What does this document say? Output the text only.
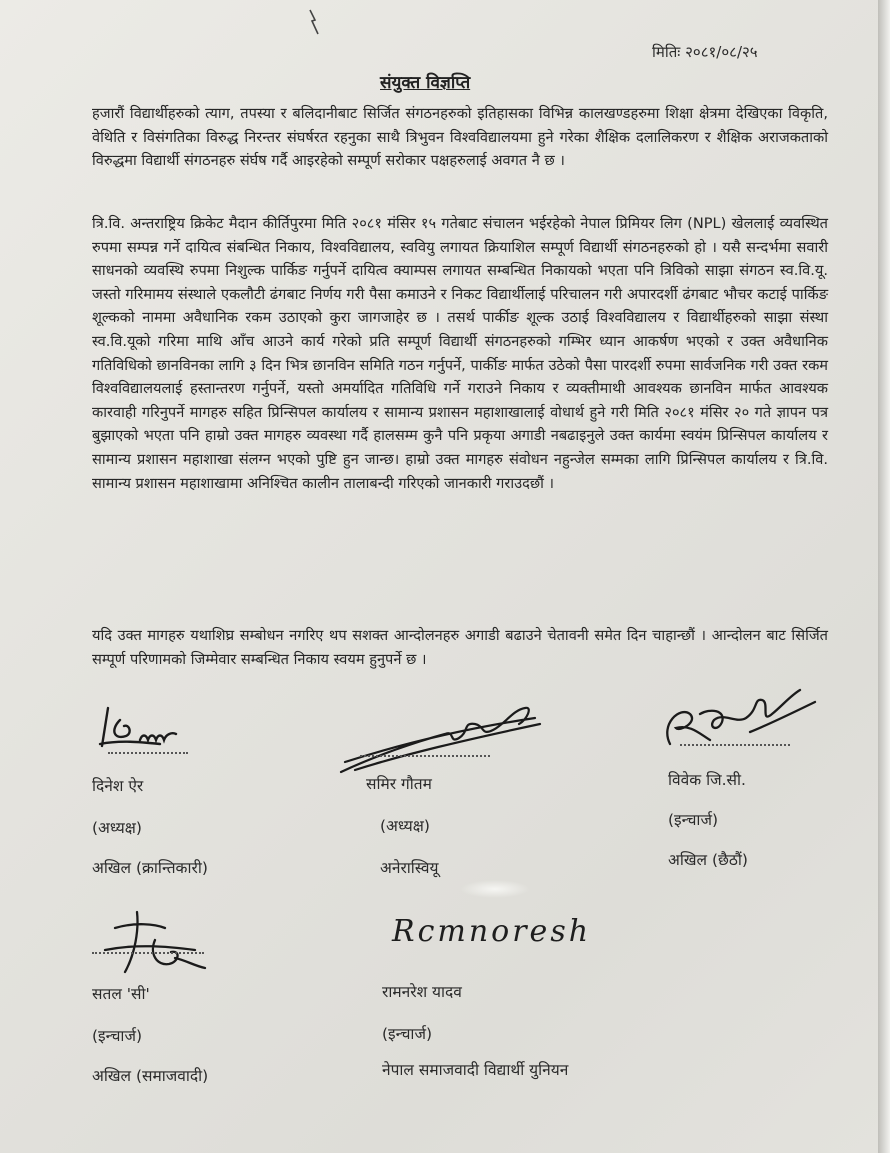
मितिः २०८१/०८/२५
संयुक्त विज्ञप्ति
हजारौं विद्यार्थीहरुको त्याग, तपस्या र बलिदानीबाट सिर्जित संगठनहरुको इतिहासका विभिन्न कालखण्डहरुमा शिक्षा क्षेत्रमा देखिएका विकृति, वेथिति र विसंगतिका विरुद्ध निरन्तर संघर्षरत रहनुका साथै त्रिभुवन विश्वविद्यालयमा हुने गरेका शैक्षिक दलालिकरण र शैक्षिक अराजकताको विरुद्धमा विद्यार्थी संगठनहरु संर्घष गर्दै आइरहेको सम्पूर्ण सरोकार पक्षहरुलाई अवगत नै छ ।
त्रि.वि. अन्तराष्ट्रिय क्रिकेट मैदान कीर्तिपुरमा मिति २०८१ मंसिर १५ गतेबाट संचालन भईरहेको नेपाल प्रिमियर लिग (NPL) खेललाई व्यवस्थित रुपमा सम्पन्न गर्ने दायित्व संबन्धित निकाय, विश्वविद्यालय, स्ववियु लगायत क्रियाशिल सम्पूर्ण विद्यार्थी संगठनहरुको हो । यसै सन्दर्भमा सवारी साधनको व्यवस्थि रुपमा निशुल्क पार्किङ गर्नुपर्ने दायित्व क्याम्पस लगायत सम्बन्धित निकायको भएता पनि त्रिविको साझा संगठन स्व.वि.यू. जस्तो गरिमामय संस्थाले एकलौटी ढंगबाट निर्णय गरी पैसा कमाउने र निकट विद्यार्थीलाई परिचालन गरी अपारदर्शी ढंगबाट भौचर कटाई पार्किङ शूल्कको नाममा अवैधानिक रकम उठाएको कुरा जागजाहेर छ । तसर्थ पार्कीङ शूल्क उठाई विश्वविद्यालय र विद्यार्थीहरुको साझा संस्था स्व.वि.यूको गरिमा माथि आँच आउने कार्य गरेको प्रति सम्पूर्ण विद्यार्थी संगठनहरुको गम्भिर ध्यान आकर्षण भएको र उक्त अवैधानिक गतिविधिको छानविनका लागि ३ दिन भित्र छानविन समिति गठन गर्नुपर्ने, पार्कीङ मार्फत उठेको पैसा पारदर्शी रुपमा सार्वजनिक गरी उक्त रकम विश्वविद्यालयलाई हस्तान्तरण गर्नुपर्ने, यस्तो अमर्यादित गतिविधि गर्ने गराउने निकाय र व्यक्तीमाथी आवश्यक छानविन मार्फत आवश्यक कारवाही गरिनुपर्ने मागहरु सहित प्रिन्सिपल कार्यालय र सामान्य प्रशासन महाशाखालाई वोधार्थ हुने गरी मिति २०८१ मंसिर २० गते ज्ञापन पत्र बुझाएको भएता पनि हाम्रो उक्त मागहरु व्यवस्था गर्दै हालसम्म कुनै पनि प्रकृया अगाडी नबढाइनुले उक्त कार्यमा स्वयंम प्रिन्सिपल कार्यालय र सामान्य प्रशासन महाशाखा संलग्न भएको पुष्टि हुन जान्छ। हाम्रो उक्त मागहरु संवोधन नहुन्जेल सम्मका लागि प्रिन्सिपल कार्यालय र त्रि.वि. सामान्य प्रशासन महाशाखामा अनिश्चित कालीन तालाबन्दी गरिएको जानकारी गराउदछौं ।
यदि उक्त मागहरु यथाशिघ्र सम्बोधन नगरिए थप सशक्त आन्दोलनहरु अगाडी बढाउने चेतावनी समेत दिन चाहान्छौं । आन्दोलन बाट सिर्जित सम्पूर्ण परिणामको जिम्मेवार सम्बन्धित निकाय स्वयम हुनुपर्ने छ ।
दिनेश ऐर
(अध्यक्ष)
अखिल (क्रान्तिकारी)
समिर गौतम
(अध्यक्ष)
अनेरास्वियू
विवेक जि.सी.
(इन्चार्ज)
अखिल (छैठौं)
सतल 'सी'
(इन्चार्ज)
अखिल (समाजवादी)
Rcmnoresh
रामनरेश यादव
(इन्चार्ज)
नेपाल समाजवादी विद्यार्थी युनियन
